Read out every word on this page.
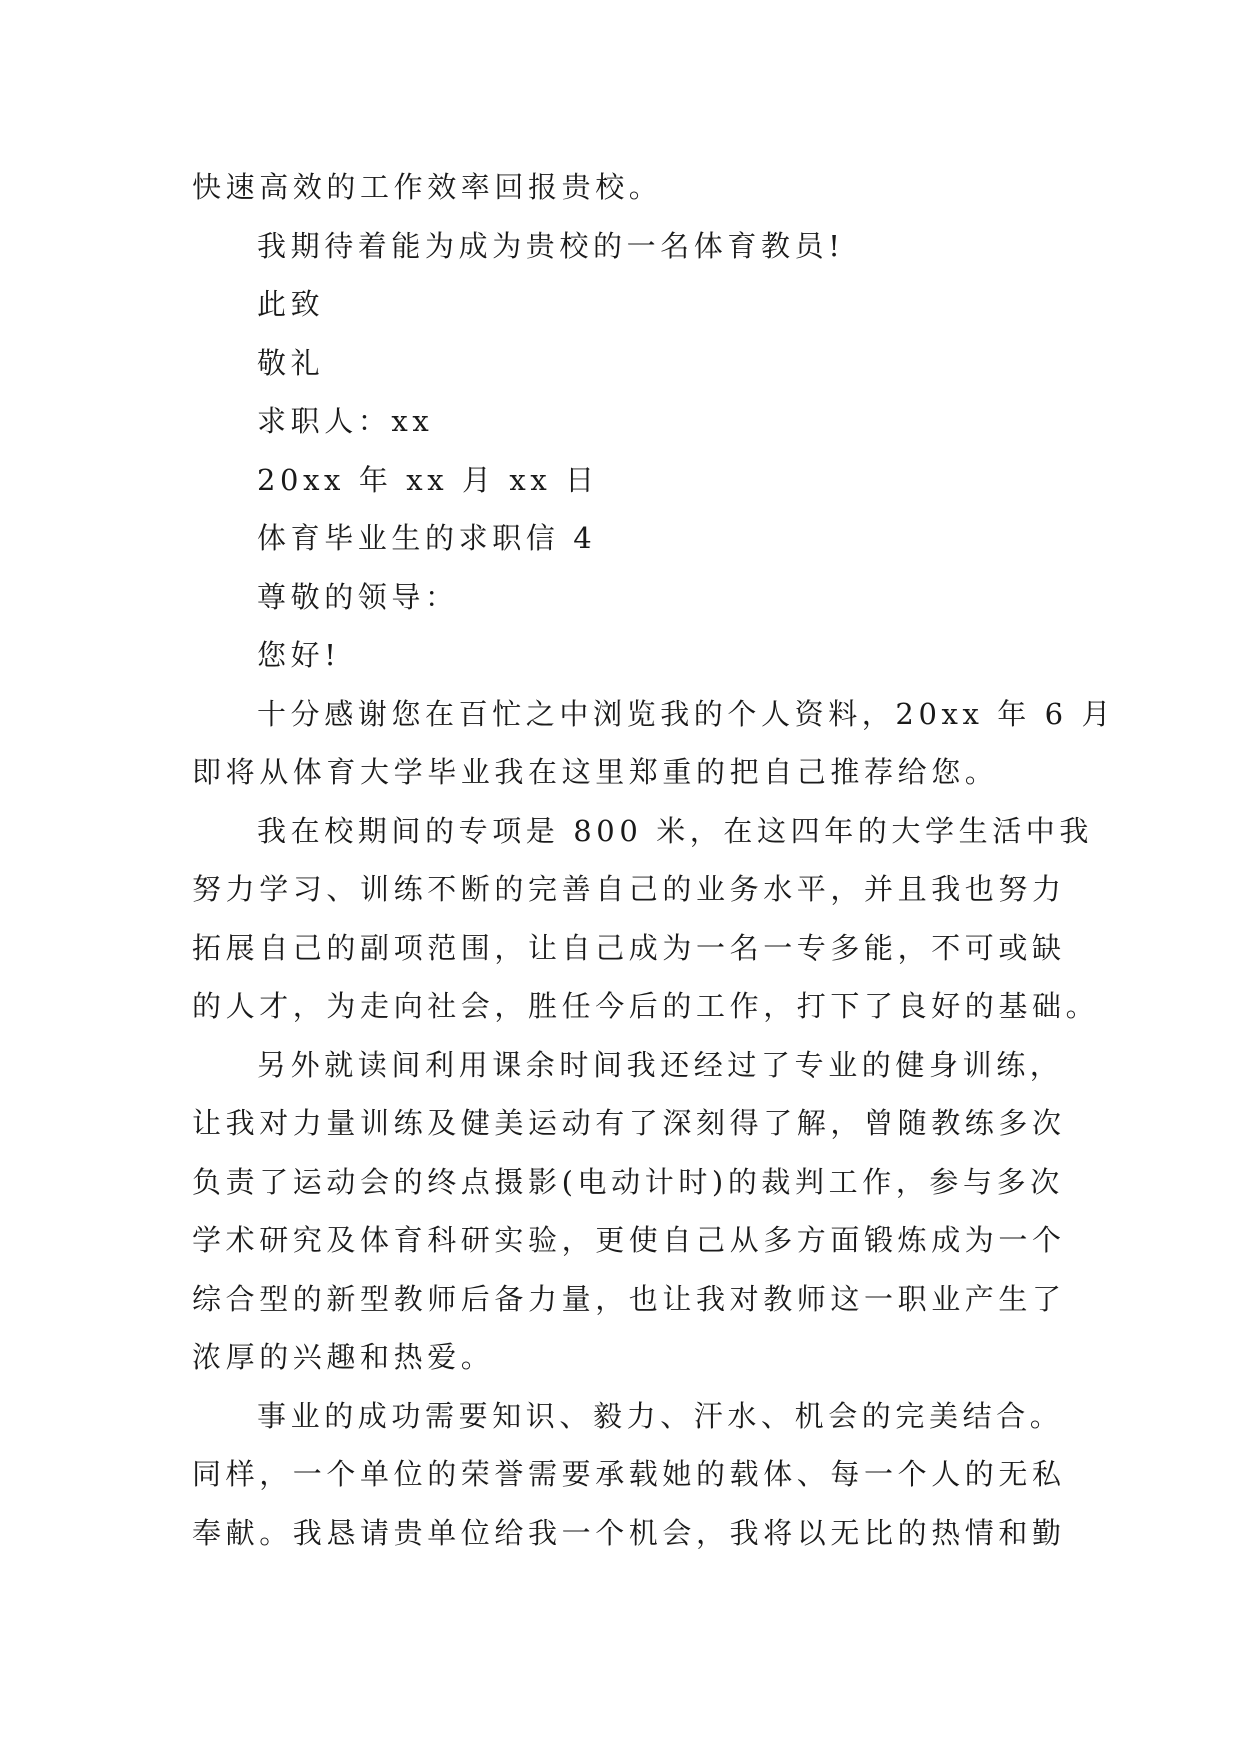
快速高效的工作效率回报贵校。
我期待着能为成为贵校的一名体育教员!
此致
敬礼
求职人：xx
20xx 年 xx 月 xx 日
体育毕业生的求职信 4
尊敬的领导：
您好!
十分感谢您在百忙之中浏览我的个人资料，20xx 年 6 月
即将从体育大学毕业我在这里郑重的把自己推荐给您。
我在校期间的专项是 800 米，在这四年的大学生活中我
努力学习、训练不断的完善自己的业务水平，并且我也努力
拓展自己的副项范围，让自己成为一名一专多能，不可或缺
的人才，为走向社会，胜任今后的工作，打下了良好的基础。
另外就读间利用课余时间我还经过了专业的健身训练，
让我对力量训练及健美运动有了深刻得了解，曾随教练多次
负责了运动会的终点摄影(电动计时)的裁判工作，参与多次
学术研究及体育科研实验，更使自己从多方面锻炼成为一个
综合型的新型教师后备力量，也让我对教师这一职业产生了
浓厚的兴趣和热爱。
事业的成功需要知识、毅力、汗水、机会的完美结合。
同样，一个单位的荣誉需要承载她的载体、每一个人的无私
奉献。我恳请贵单位给我一个机会，我将以无比的热情和勤
